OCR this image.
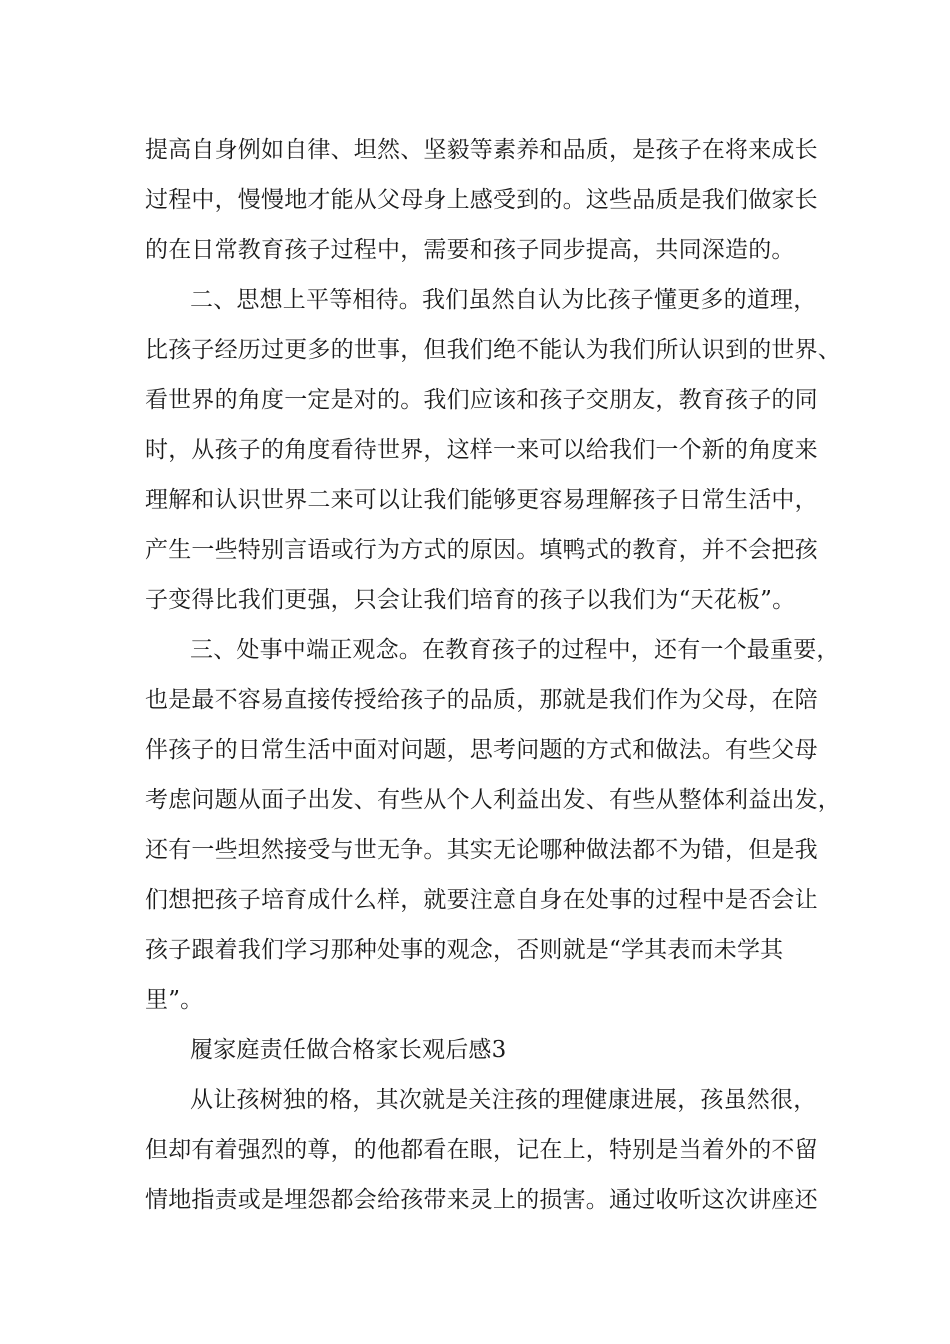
提高自身例如自律、坦然、坚毅等素养和品质，是孩子在将来成长
过程中，慢慢地才能从父母身上感受到的。这些品质是我们做家长
的在日常教育孩子过程中，需要和孩子同步提高，共同深造的。
二、思想上平等相待。我们虽然自认为比孩子懂更多的道理，
比孩子经历过更多的世事，但我们绝不能认为我们所认识到的世界、
看世界的角度一定是对的。我们应该和孩子交朋友，教育孩子的同
时，从孩子的角度看待世界，这样一来可以给我们一个新的角度来
理解和认识世界二来可以让我们能够更容易理解孩子日常生活中，
产生一些特别言语或行为方式的原因。填鸭式的教育，并不会把孩
子变得比我们更强，只会让我们培育的孩子以我们为“天花板”。
三、处事中端正观念。在教育孩子的过程中，还有一个最重要，
也是最不容易直接传授给孩子的品质，那就是我们作为父母，在陪
伴孩子的日常生活中面对问题，思考问题的方式和做法。有些父母
考虑问题从面子出发、有些从个人利益出发、有些从整体利益出发，
还有一些坦然接受与世无争。其实无论哪种做法都不为错，但是我
们想把孩子培育成什么样，就要注意自身在处事的过程中是否会让
孩子跟着我们学习那种处事的观念，否则就是“学其表而未学其
里”。
履家庭责任做合格家长观后感3
从让孩树独的格，其次就是关注孩的理健康进展，孩虽然很，
但却有着强烈的尊，的他都看在眼，记在上，特别是当着外的不留
情地指责或是埋怨都会给孩带来灵上的损害。通过收听这次讲座还
